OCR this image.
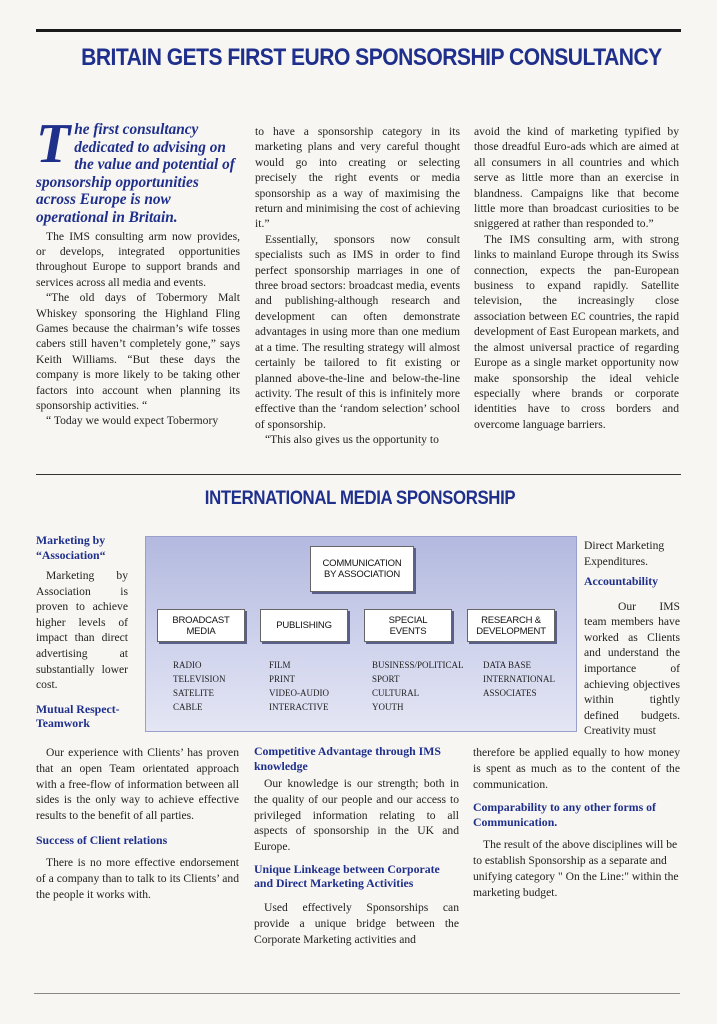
BRITAIN GETS FIRST EURO SPONSORSHIP CONSULTANCY
The first consultancy dedicated to advising on the value and potential of sponsorship opportunities across Europe is now operational in Britain.

The IMS consulting arm now provides, or develops, integrated opportunities throughout Europe to support brands and services across all media and events.

“The old days of Tobermory Malt Whiskey sponsoring the Highland Fling Games because the chairman’s wife tosses cabers still haven’t completely gone,” says Keith Williams. “But these days the company is more likely to be taking other factors into account when planning its sponsorship activities. “

“ Today we would expect Tobermory

to have a sponsorship category in its marketing plans and very careful thought would go into creating or selecting precisely the right events or media sponsorship as a way of maximising the return and minimising the cost of achieving it.”

Essentially, sponsors now consult specialists such as IMS in order to find perfect sponsorship marriages in one of three broad sectors: broadcast media, events and publishing-although research and development can often demonstrate advantages in using more than one medium at a time. The resulting strategy will almost certainly be tailored to fit existing or planned above-the-line and below-the-line activity. The result of this is infinitely more effective than the ‘random selection’ school of sponsorship.

“This also gives us the opportunity to

avoid the kind of marketing typified by those dreadful Euro-ads which are aimed at all consumers in all countries and which serve as little more than an exercise in blandness. Campaigns like that become little more than broadcast curiosities to be sniggered at rather than responded to.”

The IMS consulting arm, with strong links to mainland Europe through its Swiss connection, expects the pan-European business to expand rapidly. Satellite television, the increasingly close association between EC countries, the rapid development of East European markets, and the almost universal practice of regarding Europe as a single market opportunity now make sponsorship the ideal vehicle especially where brands or corporate identities have to cross borders and overcome language barriers.

INTERNATIONAL MEDIA SPONSORSHIP
Marketing by “Association“

Marketing by Association is proven to achieve higher levels of impact than direct advertising at substantially lower cost.

Mutual Respect-Teamwork

Direct Marketing Expenditures.

Accountability

Our IMS team members have worked as Clients and understand the importance of achieving objectives within tightly defined budgets. Creativity must

COMMUNICATION BY ASSOCIATION
BROADCAST MEDIA	PUBLISHING	SPECIAL EVENTS
RESEARCH & DEVELOPMENT
RADIO
TELEVISION
SATELITE
CABLE
FILM
PRINT
VIDEO-AUDIO
INTERACTIVE
BUSINESS/POLITICAL
SPORT
CULTURAL
YOUTH
DATA BASE
INTERNATIONAL
ASSOCIATES

Our experience with Clients’ has proven that an open Team orientated approach with a free-flow of information between all sides is the only way to achieve effective results to the benefit of all parties.

Success of Client relations

There is no more effective endorsement of a company than to talk to its Clients’ and the people it works with.

Competitive Advantage through IMS knowledge

Our knowledge is our strength; both in the quality of our people and our access to privileged information relating to all aspects of sponsorship in the UK and Europe.

Unique Linkeage between Corporate and Direct Marketing Activities

Used effectively Sponsorships can provide a unique bridge between the Corporate Marketing activities and

therefore be applied equally to how money is spent as much as to the content of the communication.

Comparability to any other forms of Communication.

The result of the above disciplines will be to establish Sponsorship as a separate and unifying category " On the Line:" within the marketing budget.
